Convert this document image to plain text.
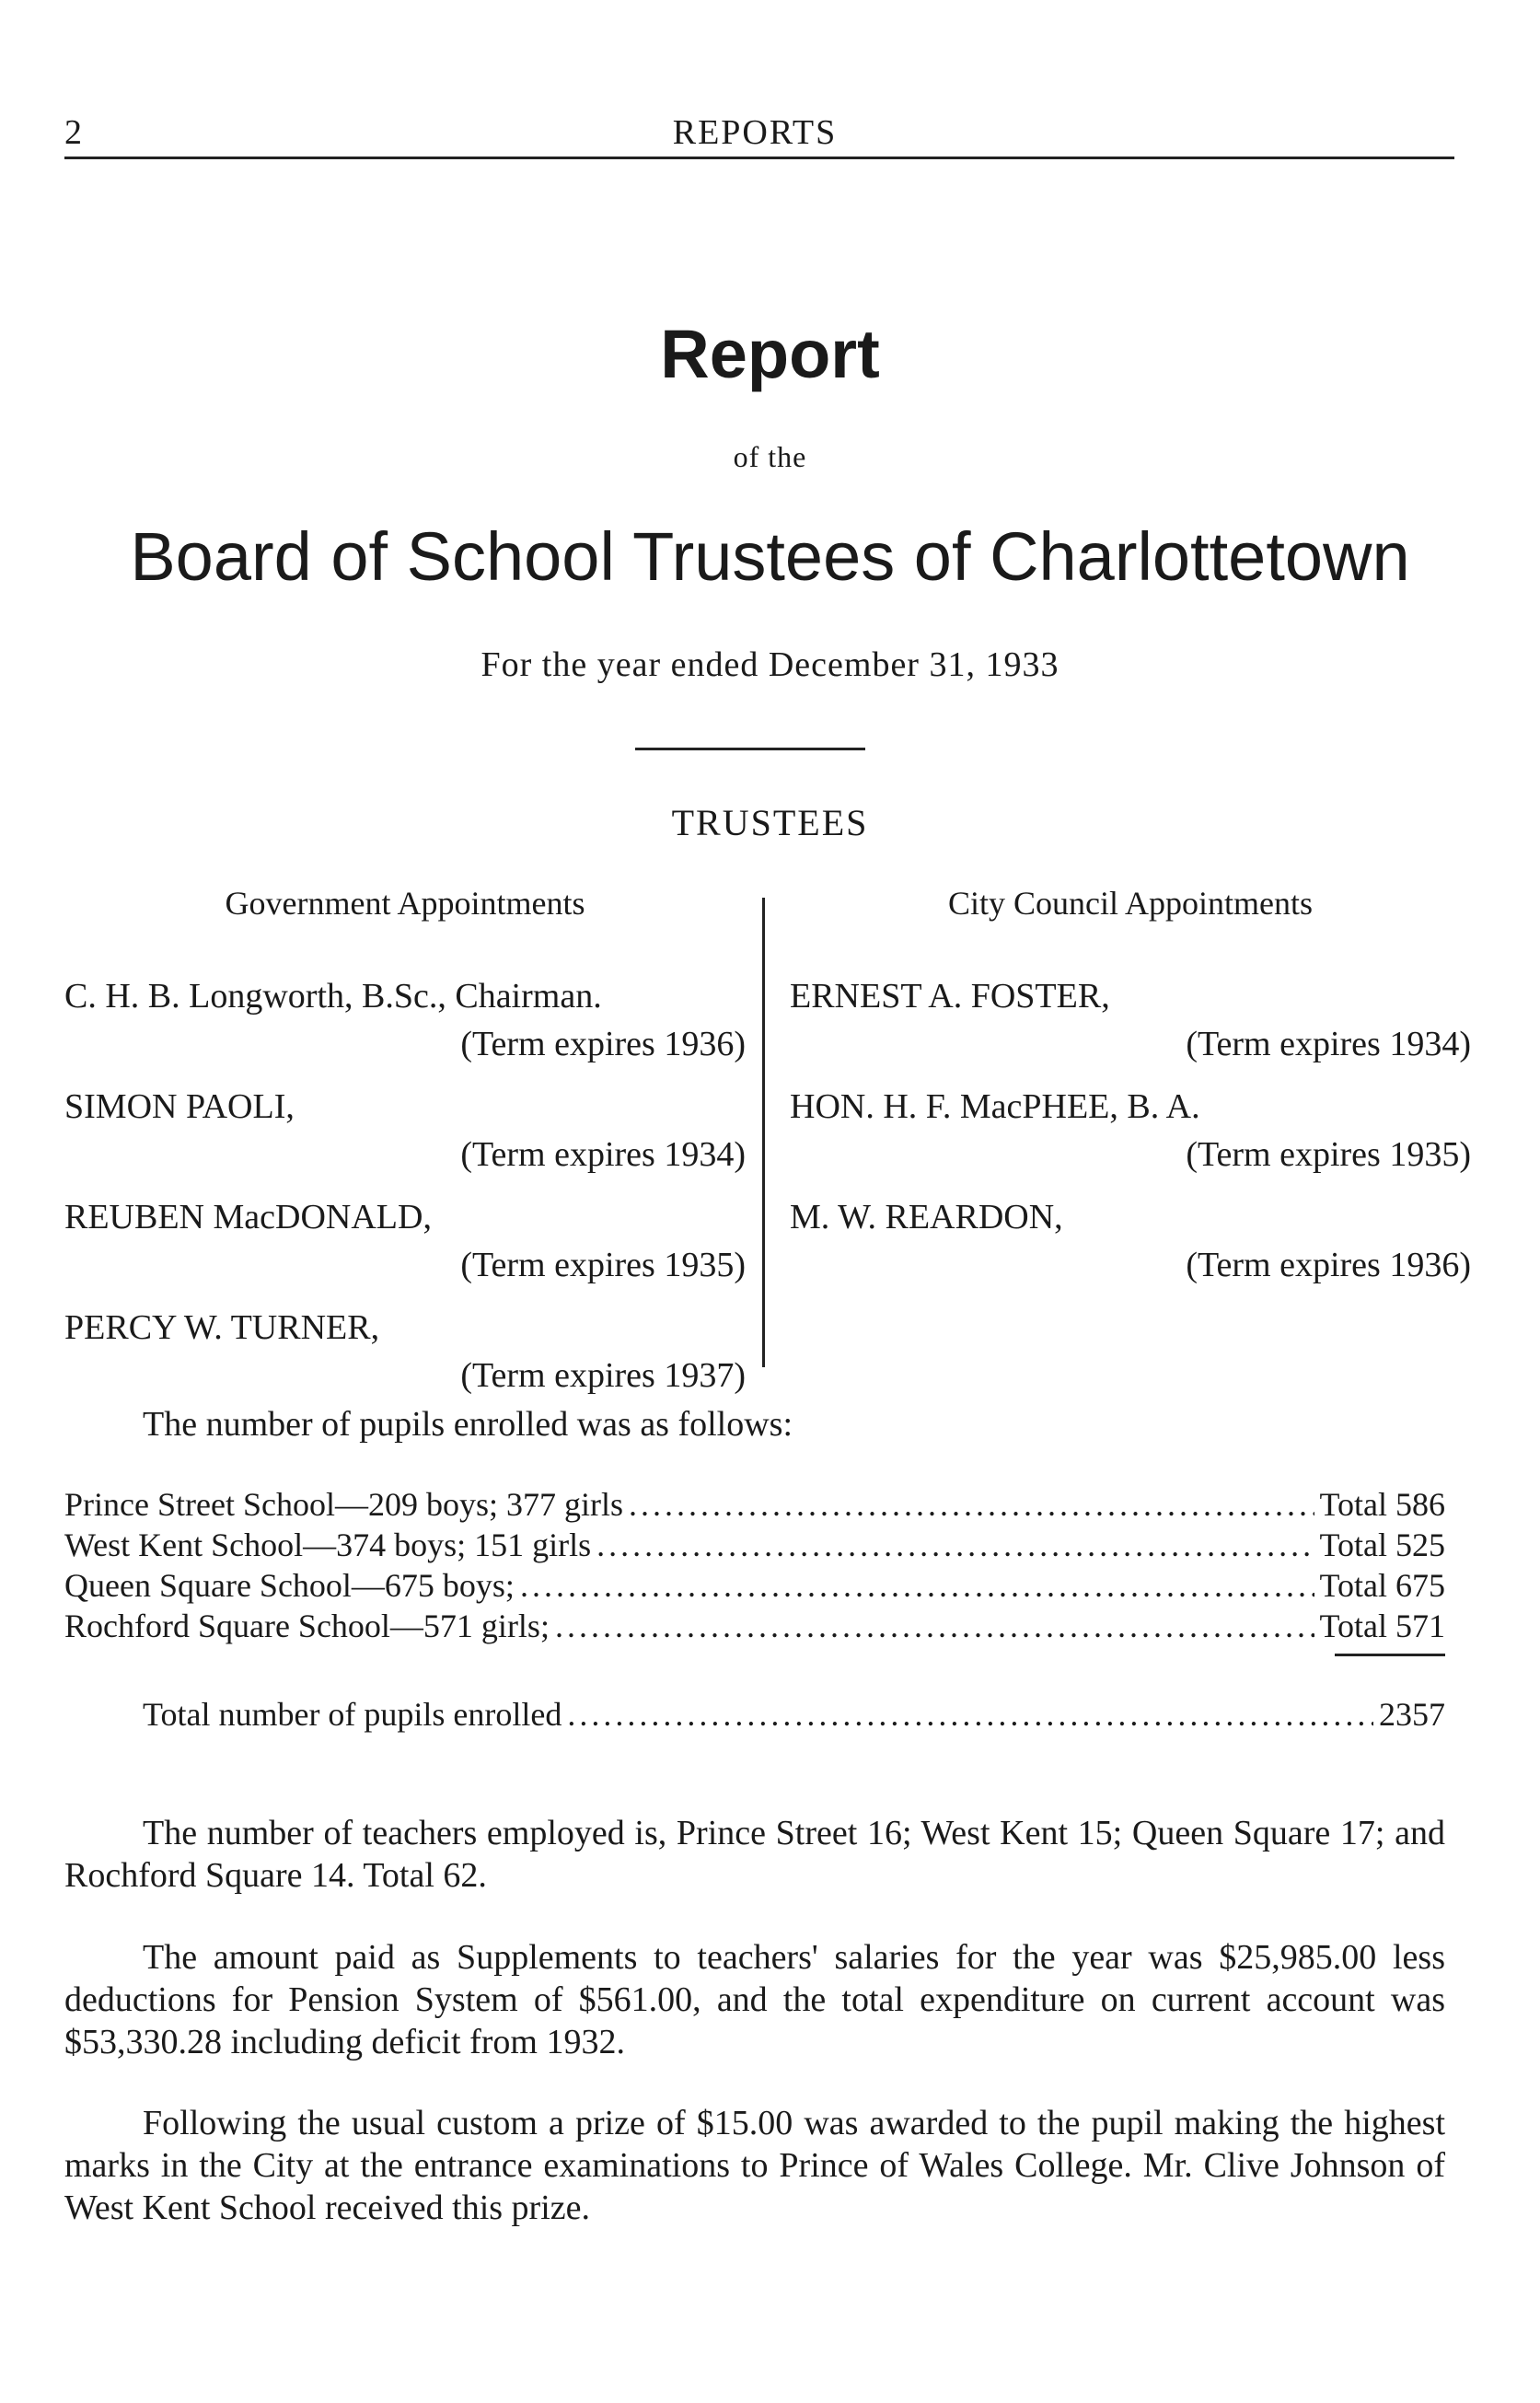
2	REPORTS
Report
of the
Board of School Trustees of Charlottetown
For the year ended December 31, 1933
TRUSTEES
Government Appointments
C. H. B. Longworth, B.Sc., Chairman.
(Term expires 1936)
SIMON PAOLI,
(Term expires 1934)
REUBEN MacDONALD,
(Term expires 1935)
PERCY W. TURNER,
(Term expires 1937)
City Council Appointments
ERNEST A. FOSTER,
(Term expires 1934)
HON. H. F. MacPHEE, B. A.
(Term expires 1935)
M. W. REARDON,
(Term expires 1936)
The number of pupils enrolled was as follows:
Prince Street School—209 boys; 377 girls .....	Total 586
West Kent School—374 boys; 151 girls .....	Total 525
Queen Square School—675 boys; .....	Total 675
Rochford Square School—571 girls; .....	Total 571
Total number of pupils enrolled .....	2357

The number of teachers employed is, Prince Street 16; West Kent 15; Queen Square 17; and Rochford Square 14. Total 62.

The amount paid as Supplements to teachers' salaries for the year was $25,985.00 less deductions for Pension System of $561.00, and the total expenditure on current account was $53,330.28 including deficit from 1932.

Following the usual custom a prize of $15.00 was awarded to the pupil making the highest marks in the City at the entrance examinations to Prince of Wales College. Mr. Clive Johnson of West Kent School received this prize.
